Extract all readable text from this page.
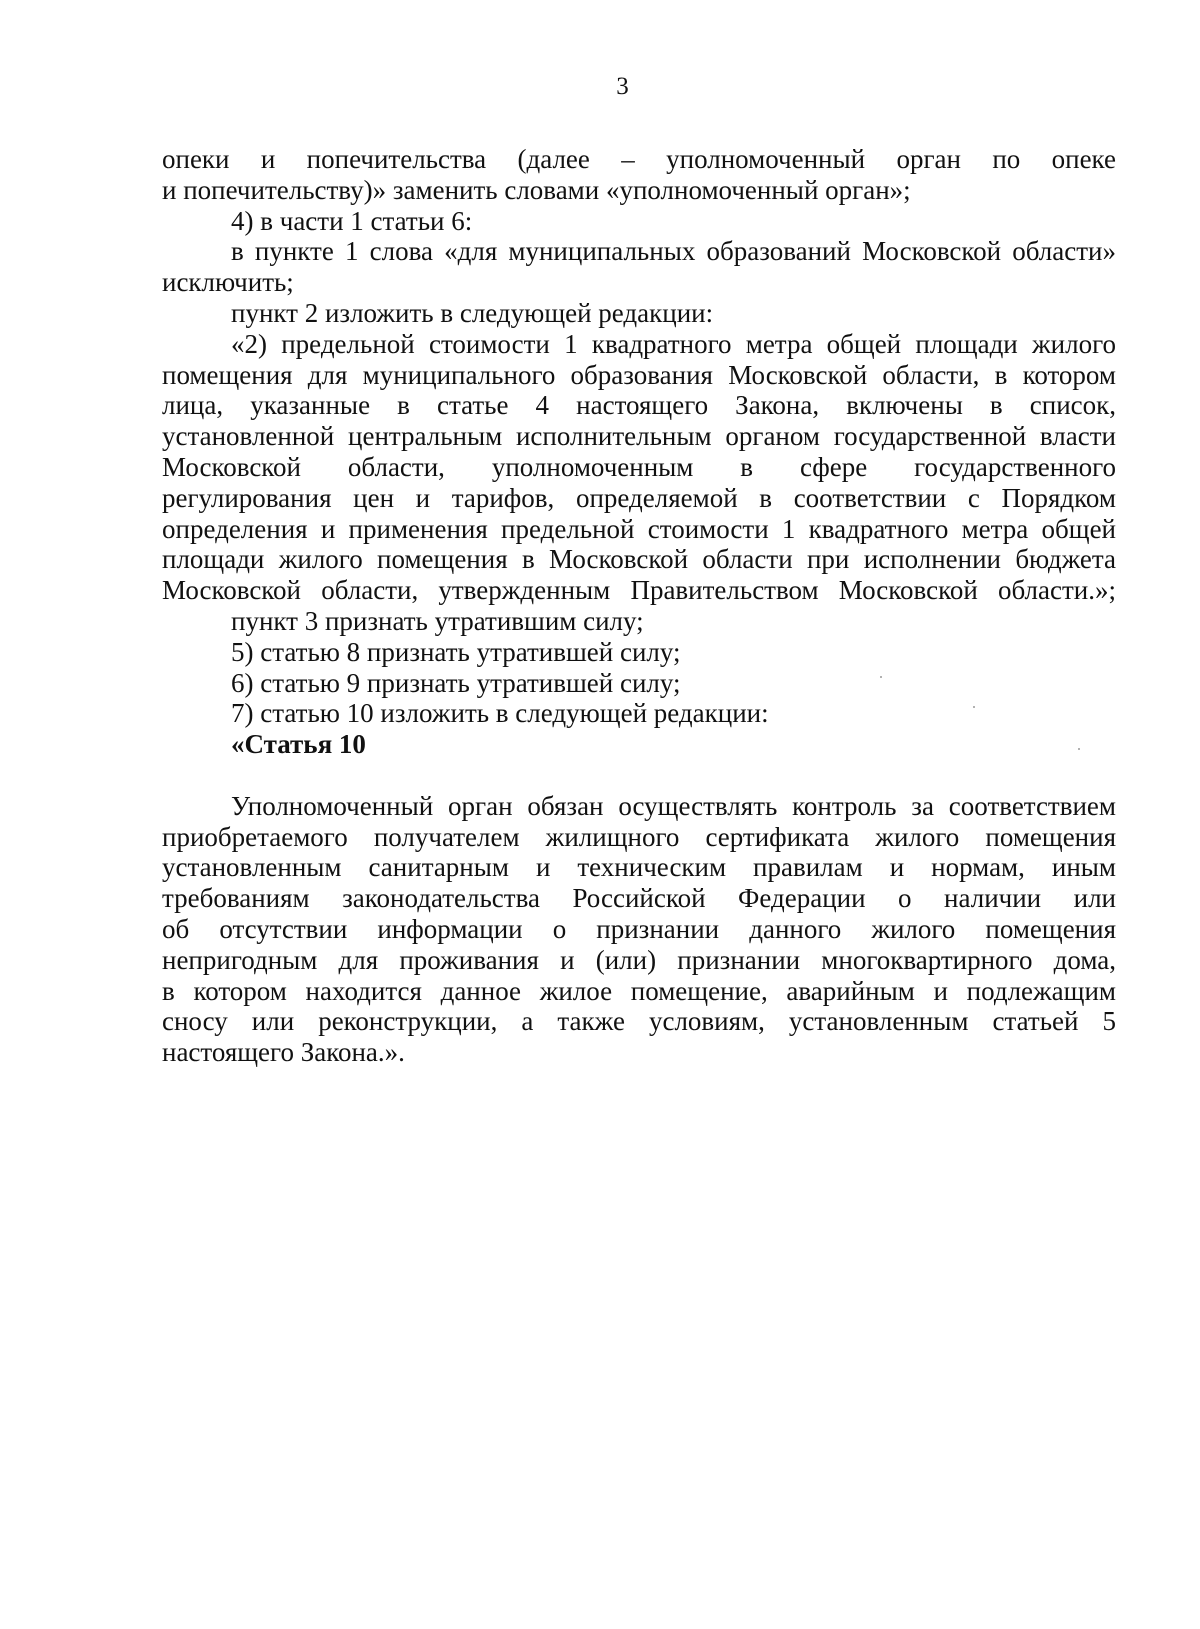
3
опеки и попечительства (далее – уполномоченный орган по опеке
и попечительству)» заменить словами «уполномоченный орган»;
4) в части 1 статьи 6:
в пункте 1 слова «для муниципальных образований Московской области»
исключить;
пункт 2 изложить в следующей редакции:
«2) предельной стоимости 1 квадратного метра общей площади жилого
помещения для муниципального образования Московской области, в котором
лица, указанные в статье 4 настоящего Закона, включены в список,
установленной центральным исполнительным органом государственной власти
Московской области, уполномоченным в сфере государственного
регулирования цен и тарифов, определяемой в соответствии с Порядком
определения и применения предельной стоимости 1 квадратного метра общей
площади жилого помещения в Московской области при исполнении бюджета
Московской области, утвержденным Правительством Московской области.»;
пункт 3 признать утратившим силу;
5) статью 8 признать утратившей силу;
6) статью 9 признать утратившей силу;
7) статью 10 изложить в следующей редакции:
«Статья 10
Уполномоченный орган обязан осуществлять контроль за соответствием
приобретаемого получателем жилищного сертификата жилого помещения
установленным санитарным и техническим правилам и нормам, иным
требованиям законодательства Российской Федерации о наличии или
об отсутствии информации о признании данного жилого помещения
непригодным для проживания и (или) признании многоквартирного дома,
в котором находится данное жилое помещение, аварийным и подлежащим
сносу или реконструкции, а также условиям, установленным статьей 5
настоящего Закона.».
